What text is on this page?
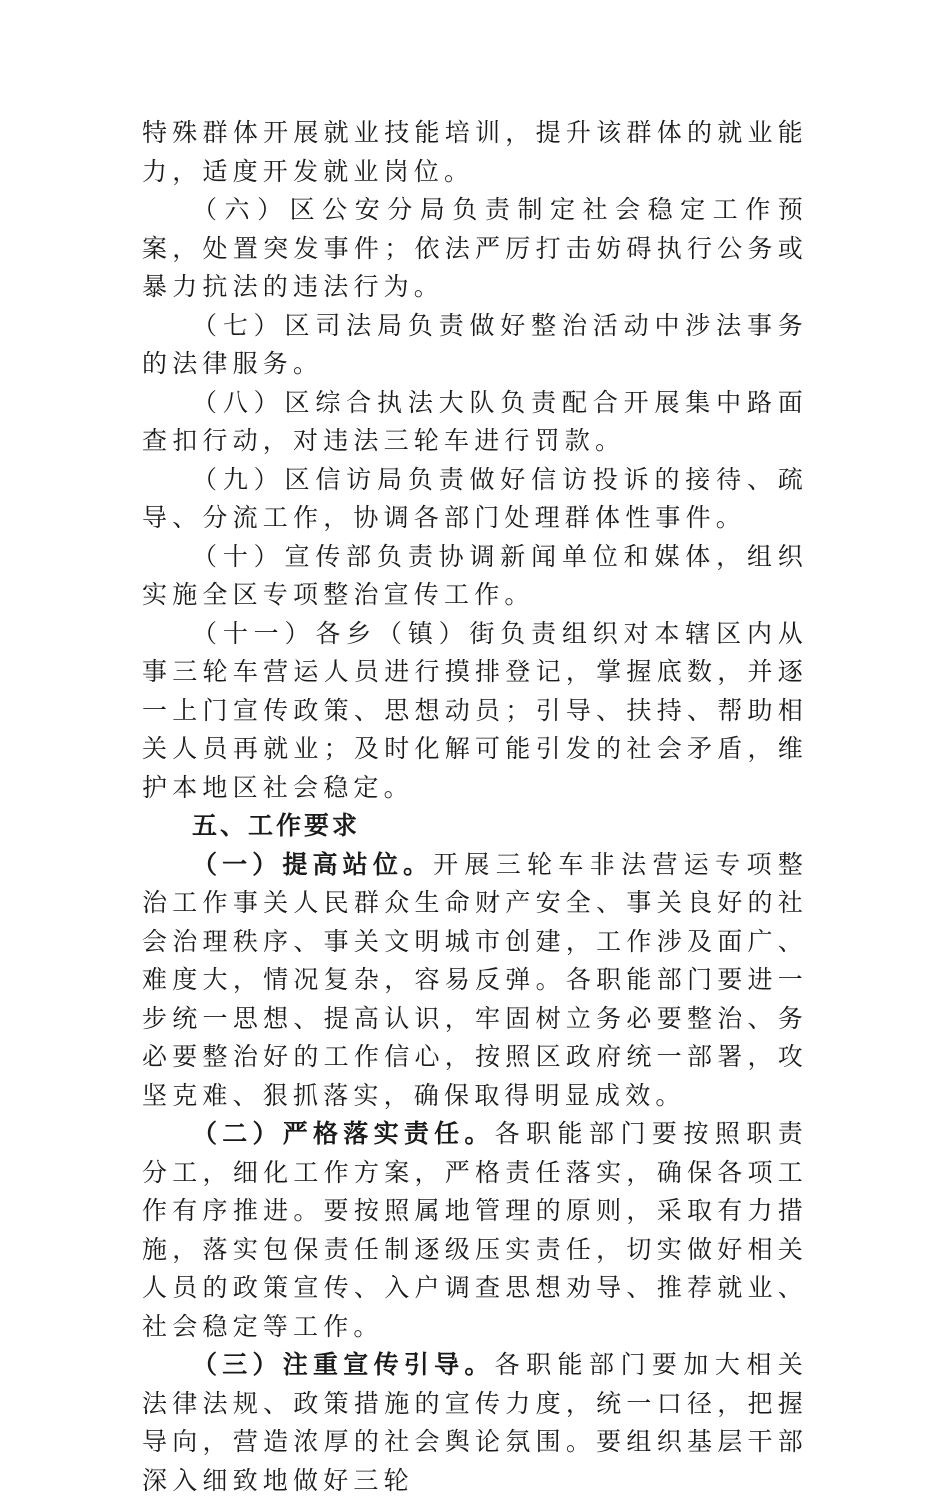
特殊群体开展就业技能培训，提升该群体的就业能力，适度开发就业岗位。

（六）区公安分局负责制定社会稳定工作预案，处置突发事件；依法严厉打击妨碍执行公务或暴力抗法的违法行为。

（七）区司法局负责做好整治活动中涉法事务的法律服务。

（八）区综合执法大队负责配合开展集中路面查扣行动，对违法三轮车进行罚款。

（九）区信访局负责做好信访投诉的接待、疏导、分流工作，协调各部门处理群体性事件。

（十）宣传部负责协调新闻单位和媒体，组织实施全区专项整治宣传工作。

（十一）各乡（镇）街负责组织对本辖区内从事三轮车营运人员进行摸排登记，掌握底数，并逐一上门宣传政策、思想动员；引导、扶持、帮助相关人员再就业；及时化解可能引发的社会矛盾，维护本地区社会稳定。

五、工作要求

（一）提高站位。开展三轮车非法营运专项整治工作事关人民群众生命财产安全、事关良好的社会治理秩序、事关文明城市创建，工作涉及面广、难度大，情况复杂，容易反弹。各职能部门要进一步统一思想、提高认识，牢固树立务必要整治、务必要整治好的工作信心，按照区政府统一部署，攻坚克难、狠抓落实，确保取得明显成效。

（二）严格落实责任。各职能部门要按照职责分工，细化工作方案，严格责任落实，确保各项工作有序推进。要按照属地管理的原则，采取有力措施，落实包保责任制逐级压实责任，切实做好相关人员的政策宣传、入户调查思想劝导、推荐就业、社会稳定等工作。

（三）注重宣传引导。各职能部门要加大相关法律法规、政策措施的宣传力度，统一口径，把握导向，营造浓厚的社会舆论氛围。要组织基层干部深入细致地做好三轮
